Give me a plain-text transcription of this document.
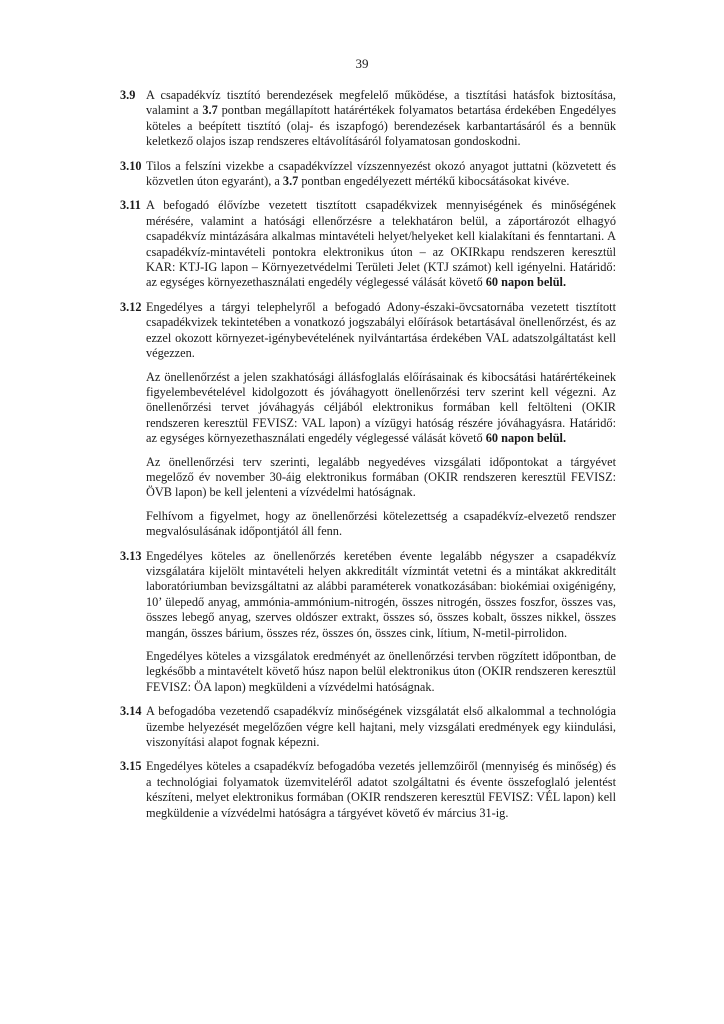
39
3.9 A csapadékvíz tisztító berendezések megfelelő működése, a tisztítási hatásfok biztosítása, valamint a 3.7 pontban megállapított határértékek folyamatos betartása érdekében Engedélyes köteles a beépített tisztító (olaj- és iszapfogó) berendezések karbantartásáról és a bennük keletkező olajos iszap rendszeres eltávolításáról folyamatosan gondoskodni.

3.10 Tilos a felszíni vizekbe a csapadékvízzel vízszennyezést okozó anyagot juttatni (közvetett és közvetlen úton egyaránt), a 3.7 pontban engedélyezett mértékű kibocsátásokat kivéve.

3.11 A befogadó élővízbe vezetett tisztított csapadékvizek mennyiségének és minőségének mérésére, valamint a hatósági ellenőrzésre a telekhatáron belül, a záportározót elhagyó csapadékvíz mintázására alkalmas mintavételi helyet/helyeket kell kialakítani és fenntartani. A csapadékvíz-mintavételi pontokra elektronikus úton – az OKIRkapu rendszeren keresztül KAR: KTJ-IG lapon – Környezetvédelmi Területi Jelet (KTJ számot) kell igényelni. Határidő: az egységes környezethasználati engedély véglegessé válását követő 60 napon belül.

3.12 Engedélyes a tárgyi telephelyről a befogadó Adony-északi-övcsatornába vezetett tisztított csapadékvizek tekintetében a vonatkozó jogszabályi előírások betartásával önellenőrzést, és az ezzel okozott környezet-igénybevételének nyilvántartása érdekében VAL adatszolgáltatást kell végezzen.

Az önellenőrzést a jelen szakhatósági állásfoglalás előírásainak és kibocsátási határértékeinek figyelembevételével kidolgozott és jóváhagyott önellenőrzési terv szerint kell végezni. Az önellenőrzési tervet jóváhagyás céljából elektronikus formában kell feltölteni (OKIR rendszeren keresztül FEVISZ: VAL lapon) a vízügyi hatóság részére jóváhagyásra. Határidő: az egységes környezethasználati engedély véglegessé válását követő 60 napon belül.

Az önellenőrzési terv szerinti, legalább negyedéves vizsgálati időpontokat a tárgyévet megelőző év november 30-áig elektronikus formában (OKIR rendszeren keresztül FEVISZ: ÖVB lapon) be kell jelenteni a vízvédelmi hatóságnak.

Felhívom a figyelmet, hogy az önellenőrzési kötelezettség a csapadékvíz-elvezető rendszer megvalósulásának időpontjától áll fenn.

3.13 Engedélyes köteles az önellenőrzés keretében évente legalább négyszer a csapadékvíz vizsgálatára kijelölt mintavételi helyen akkreditált vízmintát vetetni és a mintákat akkreditált laboratóriumban bevizsgáltatni az alábbi paraméterek vonatkozásában: biokémiai oxigénigény, 10’ ülepedő anyag, ammónia-ammónium-nitrogén, összes nitrogén, összes foszfor, összes vas, összes lebegő anyag, szerves oldószer extrakt, összes só, összes kobalt, összes nikkel, összes mangán, összes bárium, összes réz, összes ón, összes cink, lítium, N-metil-pirrolidon.

Engedélyes köteles a vizsgálatok eredményét az önellenőrzési tervben rögzített időpontban, de legkésőbb a mintavételt követő húsz napon belül elektronikus úton (OKIR rendszeren keresztül FEVISZ: ÖA lapon) megküldeni a vízvédelmi hatóságnak.

3.14 A befogadóba vezetendő csapadékvíz minőségének vizsgálatát első alkalommal a technológia üzembe helyezését megelőzően végre kell hajtani, mely vizsgálati eredmények egy kiindulási, viszonyítási alapot fognak képezni.

3.15 Engedélyes köteles a csapadékvíz befogadóba vezetés jellemzőiről (mennyiség és minőség) és a technológiai folyamatok üzemviteléről adatot szolgáltatni és évente összefoglaló jelentést készíteni, melyet elektronikus formában (OKIR rendszeren keresztül FEVISZ: VÉL lapon) kell megküldenie a vízvédelmi hatóságra a tárgyévet követő év március 31-ig.
